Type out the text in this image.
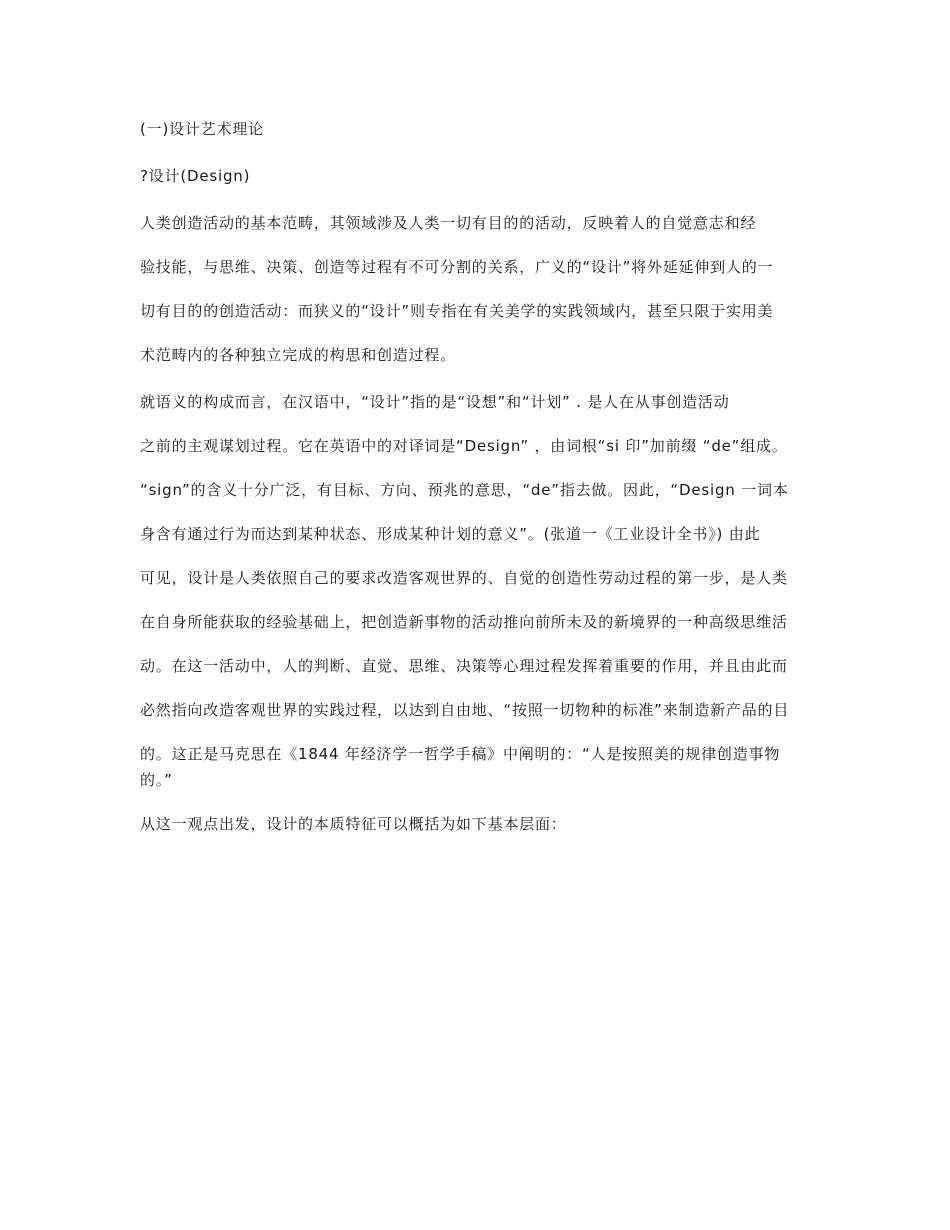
(一)设计艺术理论

?设计(Design)

人类创造活动的基本范畴，其领域涉及人类一切有目的的活动，反映着人的自觉意志和经

验技能，与思维、决策、创造等过程有不可分割的关系，广义的“设计”将外延延伸到人的一

切有目的的创造活动：而狭义的“设计”则专指在有关美学的实践领域内，甚至只限于实用美

术范畴内的各种独立完成的构思和创造过程。

就语义的构成而言，在汉语中，“设计”指的是“设想”和“计划” . 是人在从事创造活动

之前的主观谋划过程。它在英语中的对译词是“Design” ，由词根“si 印”加前缀 “de”组成。

“sign”的含义十分广泛，有目标、方向、预兆的意思，“de”指去做。因此，“Design 一词本

身含有通过行为而达到某种状态、形成某种计划的意义”。(张道一《工业设计全书》) 由此

可见，设计是人类依照自己的要求改造客观世界的、自觉的创造性劳动过程的第一步，是人类

在自身所能获取的经验基础上，把创造新事物的活动推向前所未及的新境界的一种高级思维活

动。在这一活动中，人的判断、直觉、思维、决策等心理过程发挥着重要的作用，并且由此而

必然指向改造客观世界的实践过程，以达到自由地、“按照一切物种的标准”来制造新产品的目

的。这正是马克思在《1844 年经济学一哲学手稿》中阐明的：“人是按照美的规律创造事物的。”

从这一观点出发，设计的本质特征可以概括为如下基本层面：
